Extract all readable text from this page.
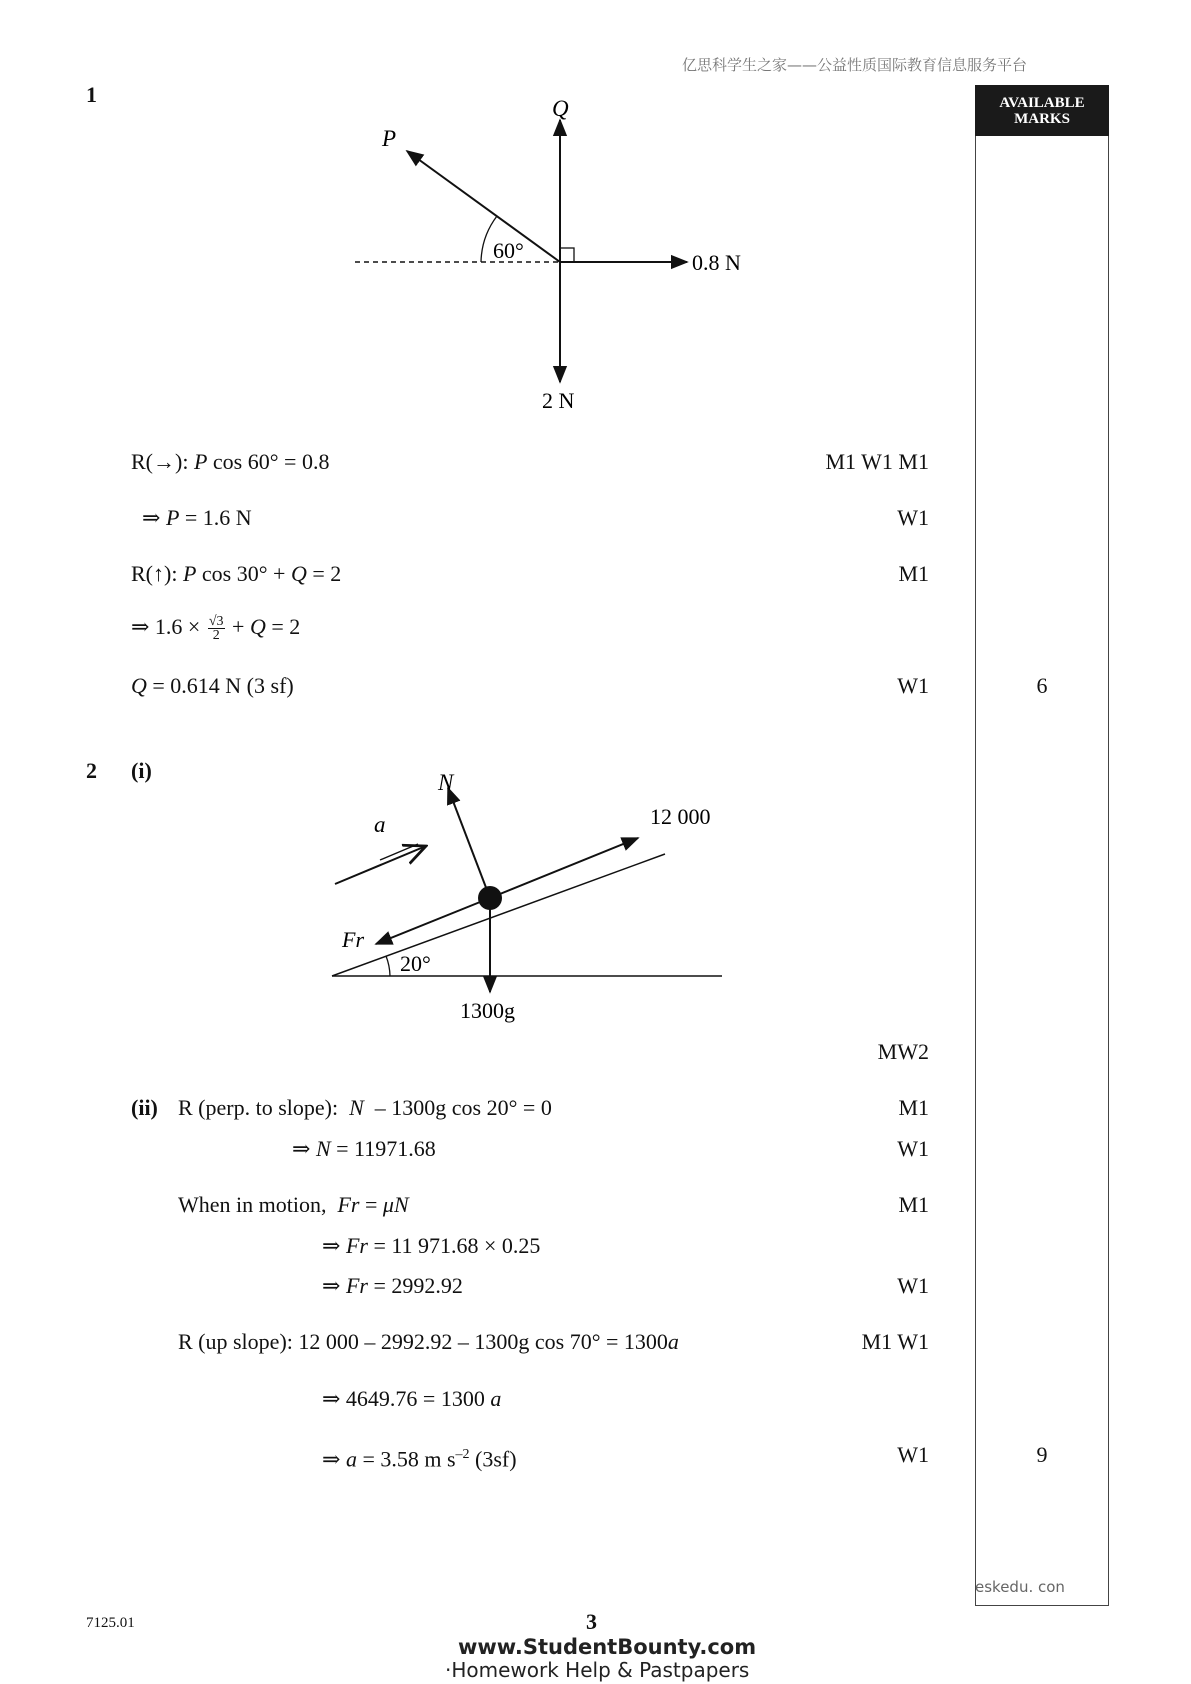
亿思科学生之家——公益性质国际教育信息服务平台
AVAILABLE
MARKS
1
Q
P
60°	0.8 N
2 N
R(→): P cos 60° = 0.8	M1 W1 M1
⇒ P = 1.6 N	W1
R(↑): P cos 30° + Q = 2	M1
⇒ $1.6 \times \frac{√3}{2} + Q = 2$
Q = 0.614 N (3 sf)	W1	6
2 (i)	N
a	12 000
Fr
20°
1300g
MW2
(ii) R (perp. to slope):  N  – 1300g cos 20° = 0	M1
⇒ N = 11971.68	W1
When in motion,  Fr = μN	M1
⇒ Fr = 11 971.68 × 0.25
⇒ Fr = 2992.92	W1
R (up slope): 12 000 – 2992.92 – 1300g cos 70° = 1300a	M1 W1
⇒ 4649.76 = 1300 a
⇒ a = 3.58 m $s^{-2}$ (3sf)	W1	9
eskedu. con
7125.01	3
www.StudentBounty.com
·Homework Help & Pastpapers
